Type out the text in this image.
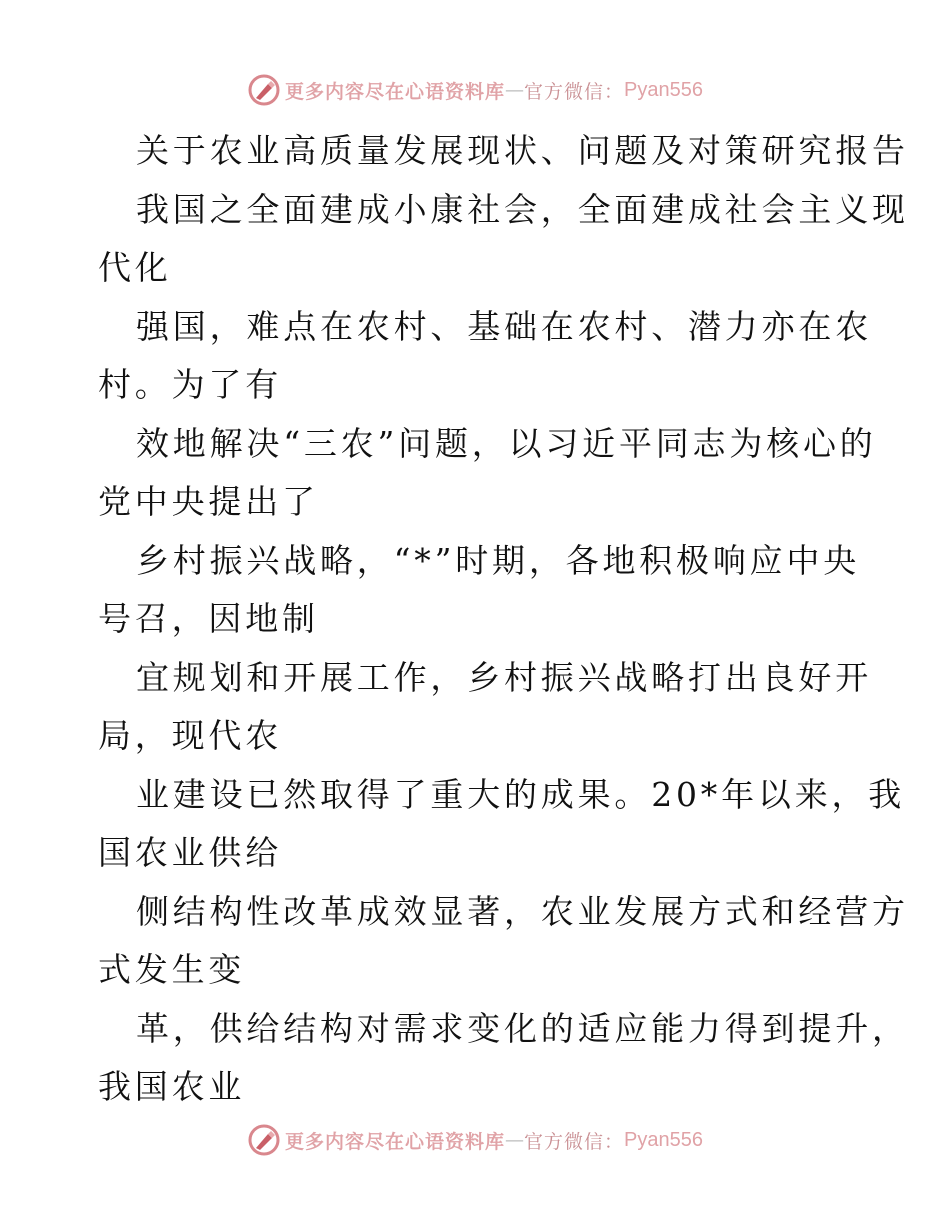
更多内容尽在心语资料库 — 官方微信： Pyan556
关于农业高质量发展现状、问题及对策研究报告
我国之全面建成小康社会，全面建成社会主义现
代化
强国，难点在农村、基础在农村、潜力亦在农
村。为了有
效地解决“三农”问题，以习近平同志为核心的
党中央提出了
乡村振兴战略，“*”时期，各地积极响应中央
号召，因地制
宜规划和开展工作，乡村振兴战略打出良好开
局，现代农
业建设已然取得了重大的成果。20*年以来，我
国农业供给
侧结构性改革成效显著，农业发展方式和经营方
式发生变
革，供给结构对需求变化的适应能力得到提升，
我国农业
更多内容尽在心语资料库 — 官方微信： Pyan556
